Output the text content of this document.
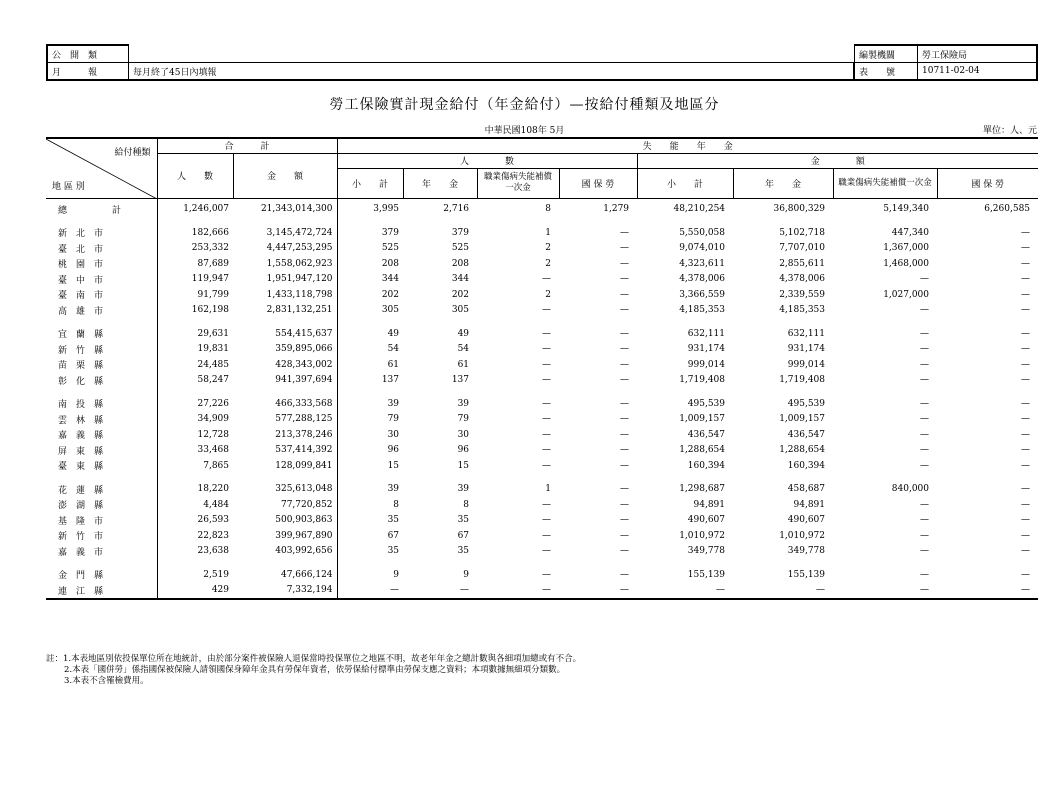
公　開　類	
月　　　報	每月終了45日內填報
編製機關	勞工保險局
表　　號	10711-02-04
勞工保險實計現金給付（年金給付）—按給付種類及地區分
中華民國108年 5月	單位：人、元
給付種類
地 區 別	合　　　計		失　　能　　年　　金							
	人　　數	金　　額	人　　　　數				金　　　　額			
			小　　計	年　　金	職業傷病失能補償一次金	國 保 勞	小　　計	年　　金	職業傷病失能補償一次金	國 保 勞
總　　　　　計	1,246,007	21,343,014,300	3,995	2,716	8	1,279	48,210,254	36,800,329	5,149,340	6,260,585

新　北　市	182,666	3,145,472,724	379	379	1	—	5,550,058	5,102,718	447,340	—
臺　北　市	253,332	4,447,253,295	525	525	2	—	9,074,010	7,707,010	1,367,000	—
桃　園　市	87,689	1,558,062,923	208	208	2	—	4,323,611	2,855,611	1,468,000	—
臺　中　市	119,947	1,951,947,120	344	344	—	—	4,378,006	4,378,006	—	—
臺　南　市	91,799	1,433,118,798	202	202	2	—	3,366,559	2,339,559	1,027,000	—
高　雄　市	162,198	2,831,132,251	305	305	—	—	4,185,353	4,185,353	—	—

宜　蘭　縣	29,631	554,415,637	49	49	—	—	632,111	632,111	—	—
新　竹　縣	19,831	359,895,066	54	54	—	—	931,174	931,174	—	—
苗　栗　縣	24,485	428,343,002	61	61	—	—	999,014	999,014	—	—
彰　化　縣	58,247	941,397,694	137	137	—	—	1,719,408	1,719,408	—	—

南　投　縣	27,226	466,333,568	39	39	—	—	495,539	495,539	—	—
雲　林　縣	34,909	577,288,125	79	79	—	—	1,009,157	1,009,157	—	—
嘉　義　縣	12,728	213,378,246	30	30	—	—	436,547	436,547	—	—
屏　東　縣	33,468	537,414,392	96	96	—	—	1,288,654	1,288,654	—	—
臺　東　縣	7,865	128,099,841	15	15	—	—	160,394	160,394	—	—

花　蓮　縣	18,220	325,613,048	39	39	1	—	1,298,687	458,687	840,000	—
澎　湖　縣	4,484	77,720,852	8	8	—	—	94,891	94,891	—	—
基　隆　市	26,593	500,903,863	35	35	—	—	490,607	490,607	—	—
新　竹　市	22,823	399,967,890	67	67	—	—	1,010,972	1,010,972	—	—
嘉　義　市	23,638	403,992,656	35	35	—	—	349,778	349,778	—	—

金　門　縣	2,519	47,666,124	9	9	—	—	155,139	155,139	—	—
連　江　縣	429	7,332,194	—	—	—	—	—	—	—	—
註：1.本表地區別依投保單位所在地統計，由於部分案件被保險人退保當時投保單位之地區不明，故老年年金之總計數與各細項加總或有不合。
2.本表「國併勞」係指國保被保險人請領國保身障年金具有勞保年資者，依勞保給付標準由勞保支應之資料；本項數據無細項分類數。
3.本表不含罹檢費用。
